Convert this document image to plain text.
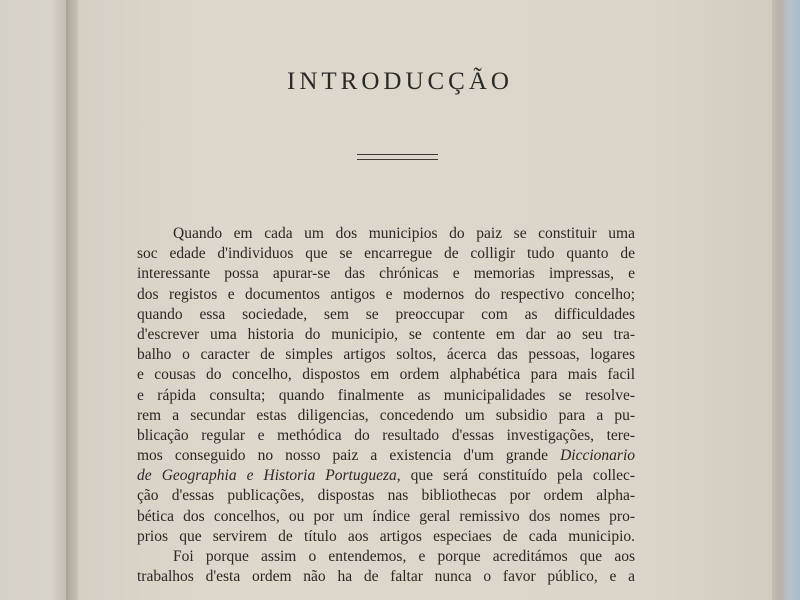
INTRODUCÇÃO
Quando em cada um dos municipios do paiz se constituir uma
soc edade d'individuos que se encarregue de colligir tudo quanto de
interessante possa apurar-se das chrónicas e memorias impressas, e
dos registos e documentos antigos e modernos do respectivo concelho;
quando essa sociedade, sem se preoccupar com as difficuldades
d'escrever uma historia do municipio, se contente em dar ao seu tra-
balho o caracter de simples artigos soltos, ácerca das pessoas, logares
e cousas do concelho, dispostos em ordem alphabética para mais facil
e rápida consulta; quando finalmente as municipalidades se resolve-
rem a secundar estas diligencias, concedendo um subsidio para a pu-
blicação regular e methódica do resultado d'essas investigações, tere-
mos conseguido no nosso paiz a existencia d'um grande Diccionario
de Geographia e Historia Portugueza, que será constituído pela collec-
ção d'essas publicações, dispostas nas bibliothecas por ordem alpha-
bética dos concelhos, ou por um índice geral remissivo dos nomes pro-
prios que servirem de título aos artigos especiaes de cada municipio.
Foi porque assim o entendemos, e porque acreditámos que aos
trabalhos d'esta ordem não ha de faltar nunca o favor público, e a
